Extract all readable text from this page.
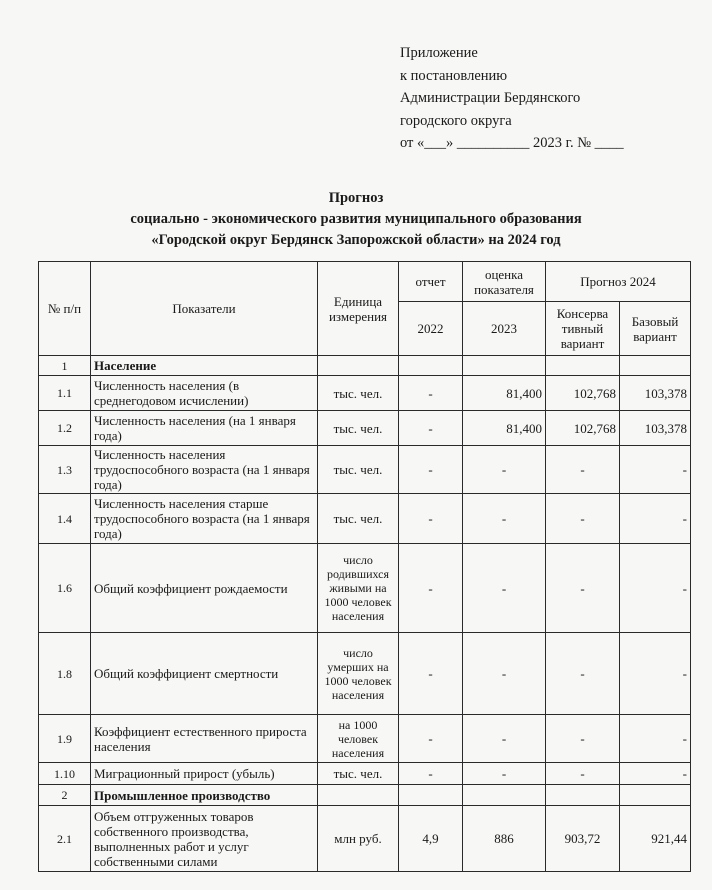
Приложение
к постановлению
Администрации Бердянского
городского округа
от «___» __________ 2023 г. № ____
Прогноз
социально - экономического развития муниципального образования
«Городской округ Бердянск Запорожской области» на 2024 год
№ п/п	Показатели	Единица измерения	отчет	оценка показателя	Прогноз 2024	
			2022	2023	Консерва тивный вариант	Базовый вариант
1	Население					
1.1	Численность населения (в среднегодовом исчислении)	тыс. чел.	-	81,400	102,768	103,378
1.2	Численность населения (на 1 января года)	тыс. чел.	-	81,400	102,768	103,378
1.3	Численность населения трудоспособного возраста (на 1 января года)	тыс. чел.	-	-	-	-
1.4	Численность населения старше трудоспособного возраста (на 1 января года)	тыс. чел.	-	-	-	-
1.6	Общий коэффициент рождаемости	число родившихся живыми на 1000 человек населения	-	-	-	-
1.8	Общий коэффициент смертности	число умерших на 1000 человек населения	-	-	-	-
1.9	Коэффициент естественного прироста населения	на 1000 человек населения	-	-	-	-
1.10	Миграционный прирост (убыль)	тыс. чел.	-	-	-	-
2	Промышленное производство					
2.1	Объем отгруженных товаров собственного производства, выполненных работ и услуг собственными силами	млн руб.	4,9	886	903,72	921,44
